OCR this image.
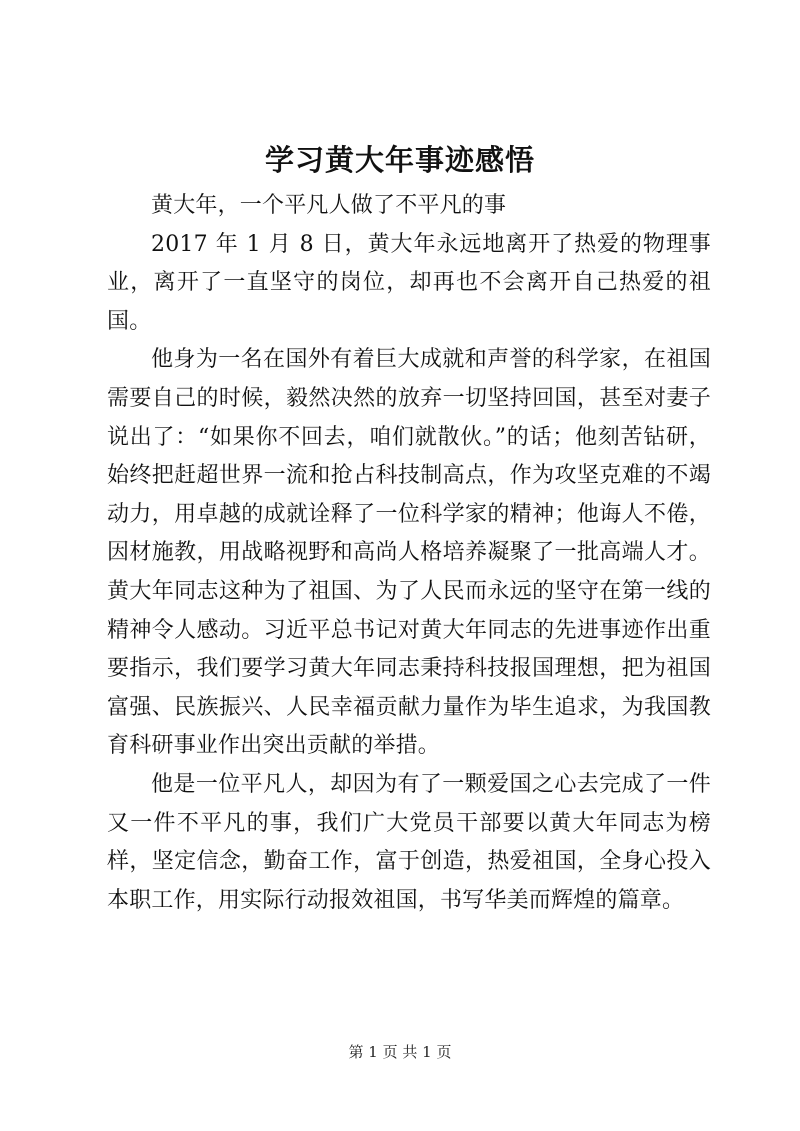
学习黄大年事迹感悟

黄大年，一个平凡人做了不平凡的事

2017 年 1 月 8 日，黄大年永远地离开了热爱的物理事业，离开了一直坚守的岗位，却再也不会离开自己热爱的祖国。

他身为一名在国外有着巨大成就和声誉的科学家，在祖国需要自己的时候，毅然决然的放弃一切坚持回国，甚至对妻子说出了：“如果你不回去，咱们就散伙。”的话；他刻苦钻研，始终把赶超世界一流和抢占科技制高点，作为攻坚克难的不竭动力，用卓越的成就诠释了一位科学家的精神；他诲人不倦，因材施教，用战略视野和高尚人格培养凝聚了一批高端人才。黄大年同志这种为了祖国、为了人民而永远的坚守在第一线的精神令人感动。习近平总书记对黄大年同志的先进事迹作出重要指示，我们要学习黄大年同志秉持科技报国理想，把为祖国富强、民族振兴、人民幸福贡献力量作为毕生追求，为我国教育科研事业作出突出贡献的举措。

他是一位平凡人，却因为有了一颗爱国之心去完成了一件又一件不平凡的事，我们广大党员干部要以黄大年同志为榜样，坚定信念，勤奋工作，富于创造，热爱祖国，全身心投入本职工作，用实际行动报效祖国，书写华美而辉煌的篇章。

第 1 页 共 1 页
